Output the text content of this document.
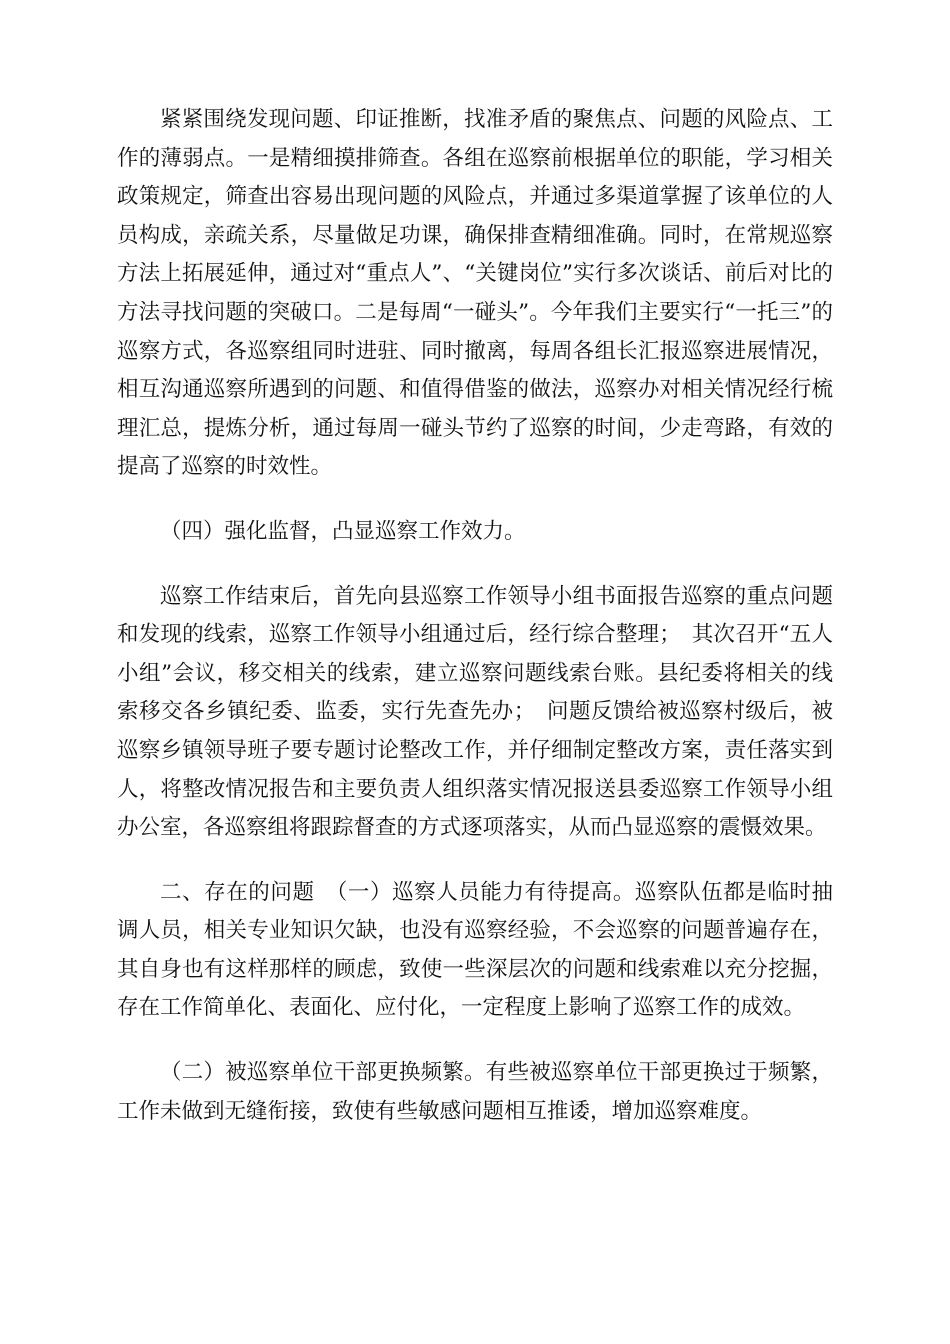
紧紧围绕发现问题、印证推断，找准矛盾的聚焦点、问题的风险点、工作的薄弱点。一是精细摸排筛查。各组在巡察前根据单位的职能，学习相关政策规定，筛查出容易出现问题的风险点，并通过多渠道掌握了该单位的人员构成，亲疏关系，尽量做足功课，确保排查精细准确。同时，在常规巡察方法上拓展延伸，通过对“重点人”、“关键岗位”实行多次谈话、前后对比的方法寻找问题的突破口。二是每周“一碰头”。今年我们主要实行“一托三”的巡察方式，各巡察组同时进驻、同时撤离，每周各组长汇报巡察进展情况，相互沟通巡察所遇到的问题、和值得借鉴的做法，巡察办对相关情况经行梳理汇总，提炼分析，通过每周一碰头节约了巡察的时间，少走弯路，有效的提高了巡察的时效性。

（四）强化监督，凸显巡察工作效力。

巡察工作结束后，首先向县巡察工作领导小组书面报告巡察的重点问题和发现的线索，巡察工作领导小组通过后，经行综合整理；　其次召开“五人小组”会议，移交相关的线索，建立巡察问题线索台账。县纪委将相关的线索移交各乡镇纪委、监委，实行先查先办；　问题反馈给被巡察村级后，被巡察乡镇领导班子要专题讨论整改工作，并仔细制定整改方案，责任落实到人，将整改情况报告和主要负责人组织落实情况报送县委巡察工作领导小组办公室，各巡察组将跟踪督查的方式逐项落实，从而凸显巡察的震慑效果。

二、存在的问题　（一）巡察人员能力有待提高。巡察队伍都是临时抽调人员，相关专业知识欠缺，也没有巡察经验，不会巡察的问题普遍存在，其自身也有这样那样的顾虑，致使一些深层次的问题和线索难以充分挖掘，存在工作简单化、表面化、应付化，一定程度上影响了巡察工作的成效。

（二）被巡察单位干部更换频繁。有些被巡察单位干部更换过于频繁，工作未做到无缝衔接，致使有些敏感问题相互推诿，增加巡察难度。
